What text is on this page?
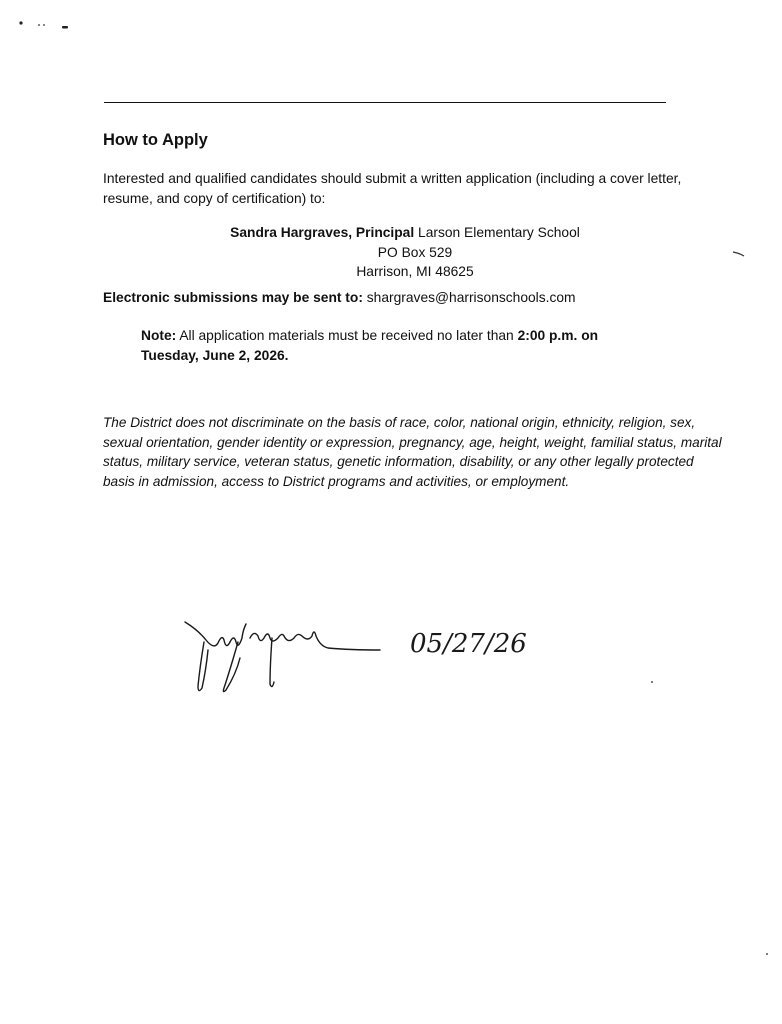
How to Apply

Interested and qualified candidates should submit a written application (including a cover letter, resume, and copy of certification) to:

Sandra Hargraves, Principal Larson Elementary School
PO Box 529
Harrison, MI 48625

Electronic submissions may be sent to: shargraves@harrisonschools.com

Note: All application materials must be received no later than 2:00 p.m. on
Tuesday, June 2, 2026.

The District does not discriminate on the basis of race, color, national origin, ethnicity, religion, sex, sexual orientation, gender identity or expression, pregnancy, age, height, weight, familial status, marital status, military service, veteran status, genetic information, disability, or any other legally protected basis in admission, access to District programs and activities, or employment.

05/27/26
